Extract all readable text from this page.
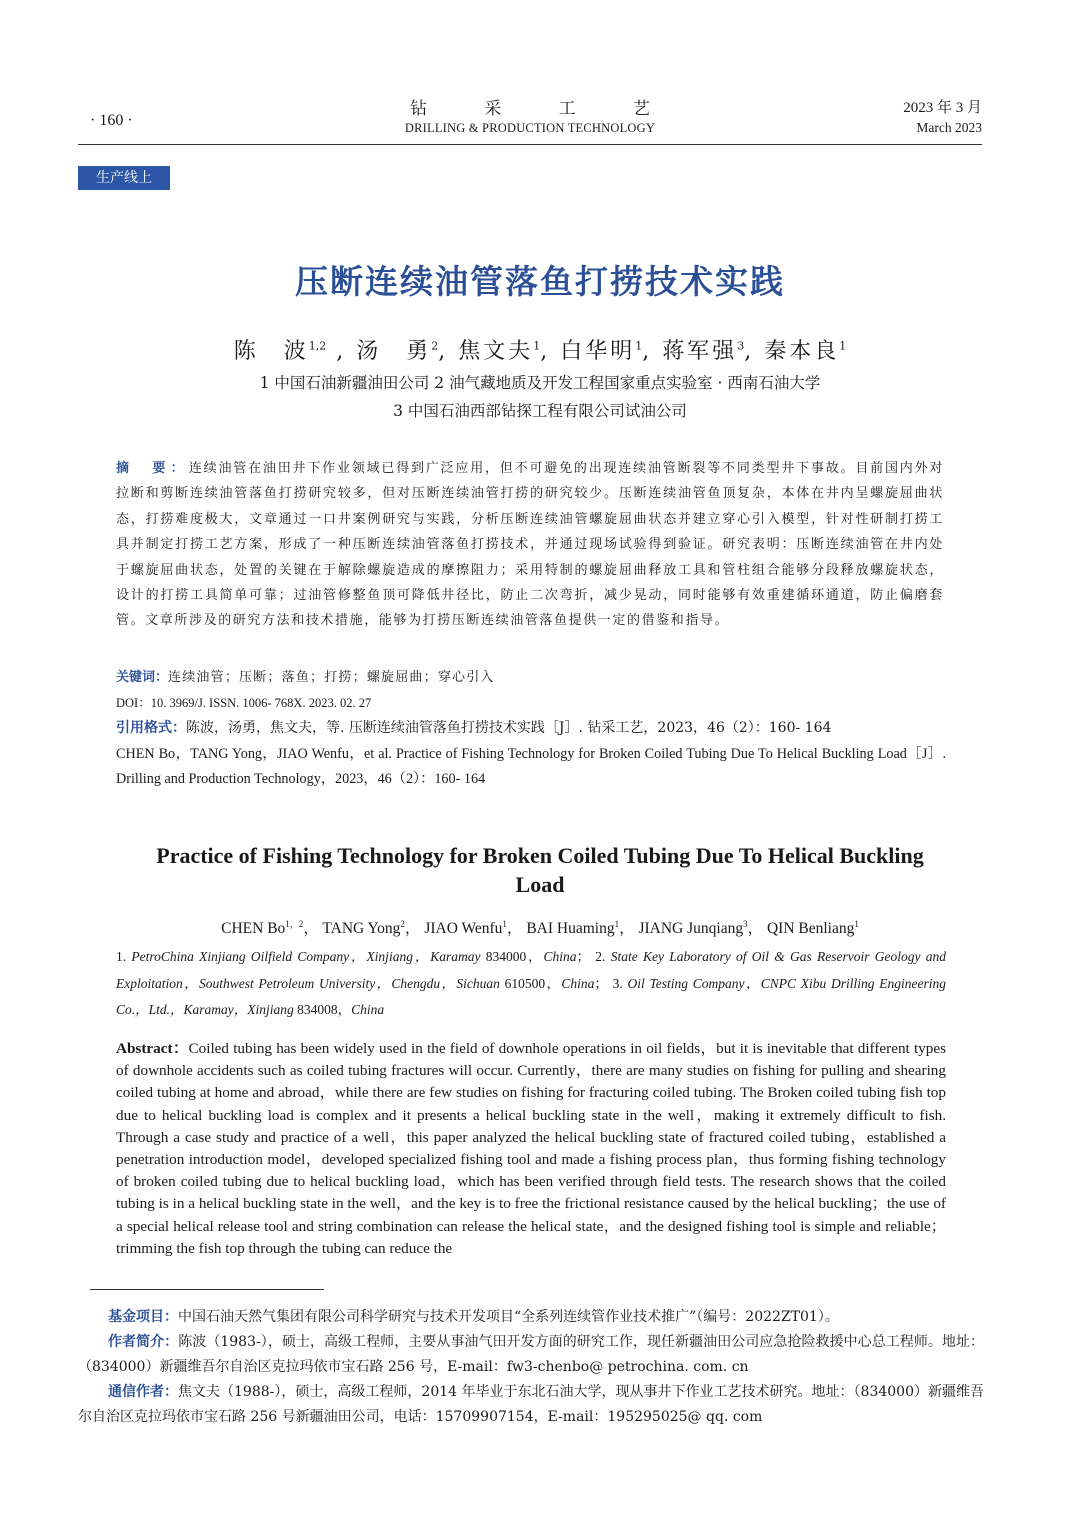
· 160 ·
钻	采	工	艺
DRILLING & PRODUCTION TECHNOLOGY
2023 年 3 月
March 2023
生产线上
压断连续油管落鱼打捞技术实践
陈　波$^{1,2}$ , 汤　勇$^2$, 焦文夫$^1$, 白华明$^1$, 蒋军强$^3$, 秦本良$^1$
1 中国石油新疆油田公司 2 油气藏地质及开发工程国家重点实验室 · 西南石油大学
3 中国石油西部钻探工程有限公司试油公司
摘　要：连续油管在油田井下作业领域已得到广泛应用，但不可避免的出现连续油管断裂等不同类型井下事故。目前国内外对拉断和剪断连续油管落鱼打捞研究较多，但对压断连续油管打捞的研究较少。压断连续油管鱼顶复杂，本体在井内呈螺旋屈曲状态，打捞难度极大，文章通过一口井案例研究与实践，分析压断连续油管螺旋屈曲状态并建立穿心引入模型，针对性研制打捞工具并制定打捞工艺方案，形成了一种压断连续油管落鱼打捞技术，并通过现场试验得到验证。研究表明：压断连续油管在井内处于螺旋屈曲状态，处置的关键在于解除螺旋造成的摩擦阻力；采用特制的螺旋屈曲释放工具和管柱组合能够分段释放螺旋状态，设计的打捞工具简单可靠；过油管修整鱼顶可降低井径比，防止二次弯折，减少晃动，同时能够有效重建循环通道，防止偏磨套管。文章所涉及的研究方法和技术措施，能够为打捞压断连续油管落鱼提供一定的借鉴和指导。
关键词：连续油管；压断；落鱼；打捞；螺旋屈曲；穿心引入
DOI：10. 3969/J. ISSN. 1006- 768X. 2023. 02. 27
引用格式：陈波，汤勇，焦文夫，等. 压断连续油管落鱼打捞技术实践［J］. 钻采工艺，2023，46（2）：160- 164
CHEN Bo，TANG Yong，JIAO Wenfu，et al. Practice of Fishing Technology for Broken Coiled Tubing Due To Helical Buckling Load［J］. Drilling and Production Technology，2023，46（2）：160- 164
Practice of Fishing Technology for Broken Coiled Tubing Due To Helical Buckling Load
CHEN $Bo^{1,2}$， TANG Yong$^2$， JIAO Wenfu$^1$， BAI Huaming$^1$， JIANG Junqiang$^3$， QIN Benliang$^1$
1. PetroChina Xinjiang Oilfield Company，Xinjiang，Karamay 834000，China； 2. State Key Laboratory of Oil & Gas Reservoir Geology and Exploitation，Southwest Petroleum University，Chengdu，Sichuan 610500，China； 3. Oil Testing Company，CNPC Xibu Drilling Engineering Co.，Ltd.，Karamay，Xinjiang 834008，China
Abstract：Coiled tubing has been widely used in the field of downhole operations in oil fields，but it is inevitable that different types of downhole accidents such as coiled tubing fractures will occur. Currently，there are many studies on fishing for pulling and shearing coiled tubing at home and abroad，while there are few studies on fishing for fracturing coiled tubing. The Broken coiled tubing fish top due to helical buckling load is complex and it presents a helical buckling state in the well，making it extremely difficult to fish. Through a case study and practice of a well，this paper analyzed the helical buckling state of fractured coiled tubing，established a penetration introduction model，developed specialized fishing tool and made a fishing process plan，thus forming fishing technology of broken coiled tubing due to helical buckling load，which has been verified through field tests. The research shows that the coiled tubing is in a helical buckling state in the well，and the key is to free the frictional resistance caused by the helical buckling；the use of a special helical release tool and string combination can release the helical state，and the designed fishing tool is simple and reliable；trimming the fish top through the tubing can reduce the

基金项目：中国石油天然气集团有限公司科学研究与技术开发项目“全系列连续管作业技术推广”（编号：2022ZT01）。

作者简介：陈波（1983-），硕士，高级工程师，主要从事油气田开发方面的研究工作，现任新疆油田公司应急抢险救援中心总工程师。地址：（834000）新疆维吾尔自治区克拉玛依市宝石路 256 号，E-mail：fw3-chenbo@ petrochina. com. cn

通信作者：焦文夫（1988-），硕士，高级工程师，2014 年毕业于东北石油大学，现从事井下作业工艺技术研究。地址：（834000）新疆维吾尔自治区克拉玛依市宝石路 256 号新疆油田公司，电话：15709907154，E-mail：195295025@ qq. com
